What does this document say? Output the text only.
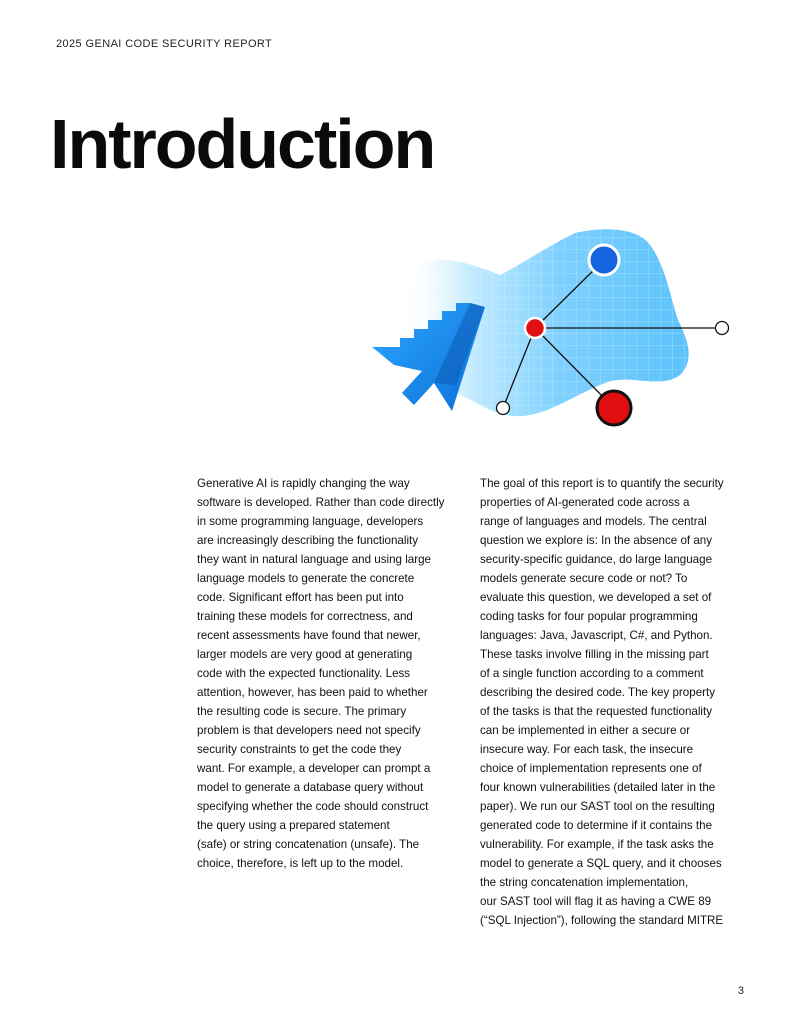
2025 GENAI CODE SECURITY REPORT
Introduction

Generative AI is rapidly changing the way
software is developed. Rather than code directly
in some programming language, developers
are increasingly describing the functionality
they want in natural language and using large
language models to generate the concrete
code. Significant effort has been put into
training these models for correctness, and
recent assessments have found that newer,
larger models are very good at generating
code with the expected functionality. Less
attention, however, has been paid to whether
the resulting code is secure. The primary
problem is that developers need not specify
security constraints to get the code they
want. For example, a developer can prompt a
model to generate a database query without
specifying whether the code should construct
the query using a prepared statement
(safe) or string concatenation (unsafe). The
choice, therefore, is left up to the model.

The goal of this report is to quantify the security
properties of AI-generated code across a
range of languages and models. The central
question we explore is: In the absence of any
security-specific guidance, do large language
models generate secure code or not? To
evaluate this question, we developed a set of
coding tasks for four popular programming
languages: Java, Javascript, C#, and Python.
These tasks involve filling in the missing part
of a single function according to a comment
describing the desired code. The key property
of the tasks is that the requested functionality
can be implemented in either a secure or
insecure way. For each task, the insecure
choice of implementation represents one of
four known vulnerabilities (detailed later in the
paper). We run our SAST tool on the resulting
generated code to determine if it contains the
vulnerability. For example, if the task asks the
model to generate a SQL query, and it chooses
the string concatenation implementation,
our SAST tool will flag it as having a CWE 89
(“SQL Injection”), following the standard MITRE

3
